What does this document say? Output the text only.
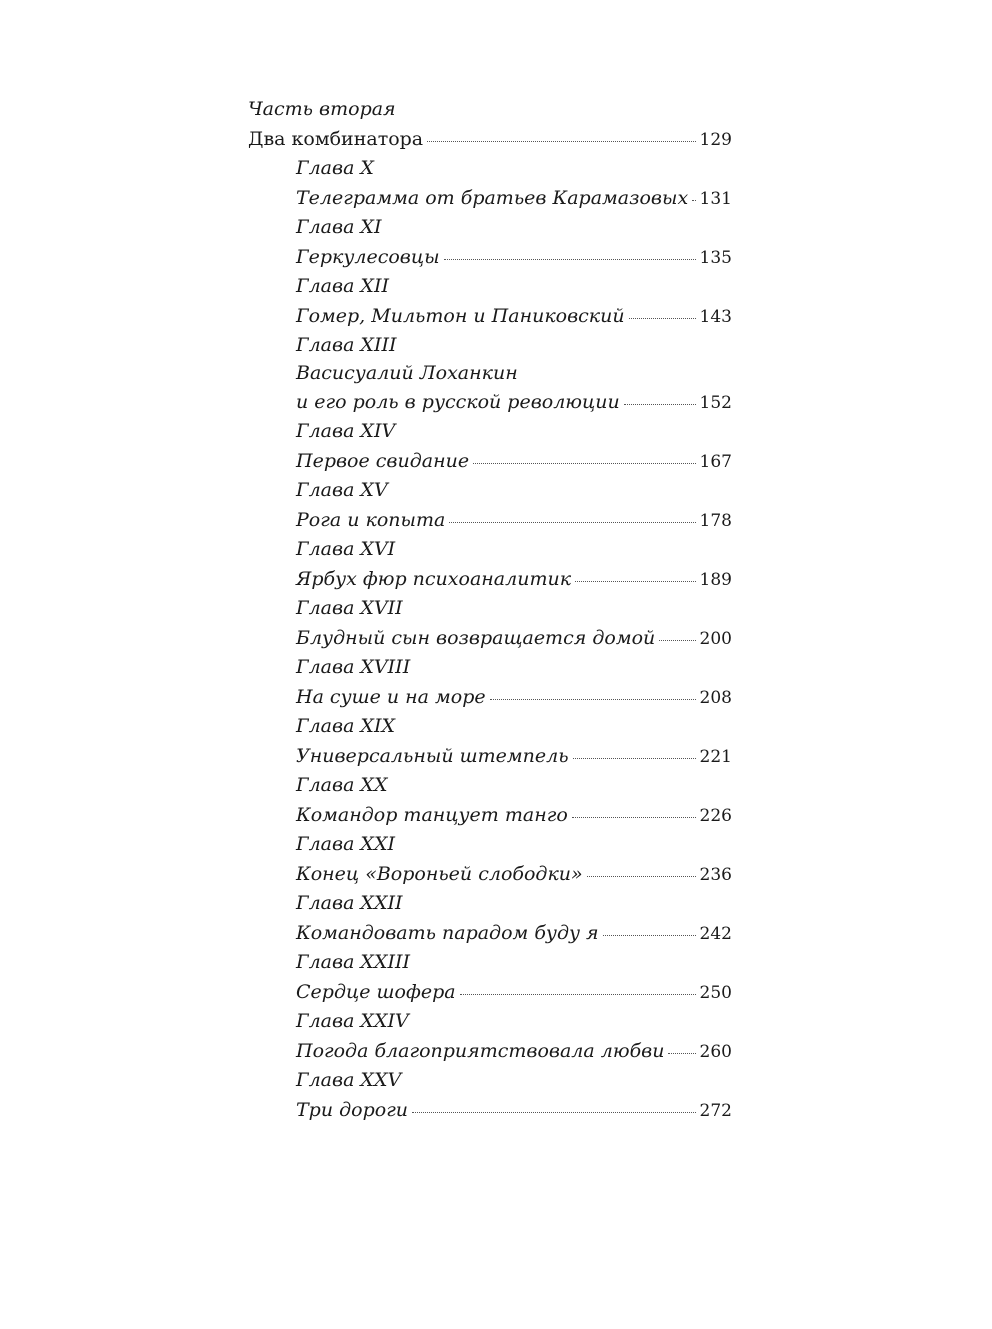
Часть вторая
Два комбинатора	129
Глава X
Телеграмма от братьев Карамазовых 131
Глава XI
Геркулесовцы	135
Глава XII
Гомер, Мильтон и Паниковский	143
Глава XIII
Васисуалий Лоханкин
и его роль в русской революции	152
Глава XIV
Первое свидание	167
Глава XV
Рога и копыта	178
Глава XVI
Ярбух фюр психоаналитик	189
Глава XVII
Блудный сын возвращается домой	200
Глава XVIII
На суше и на море	208
Глава XIX
Универсальный штемпель	221
Глава XX
Командор танцует танго	226
Глава XXI
Конец «Вороньей слободки»	236
Глава XXII
Командовать парадом буду я	242
Глава XXIII
Сердце шофера	250
Глава XXIV
Погода благоприятствовала любви 260
Глава XXV
Три дороги	272
